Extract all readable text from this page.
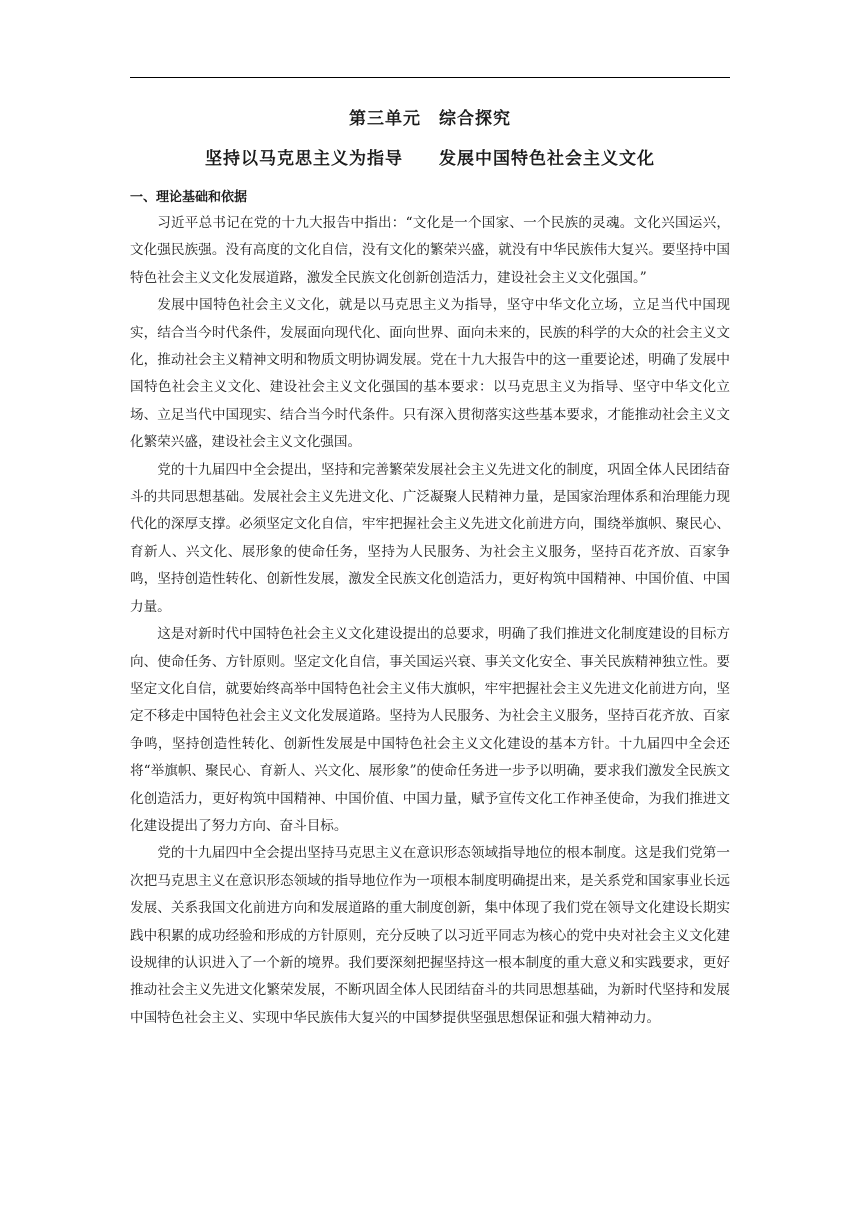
第三单元　综合探究
坚持以马克思主义为指导　　发展中国特色社会主义文化
一、理论基础和依据

习近平总书记在党的十九大报告中指出：“文化是一个国家、一个民族的灵魂。文化兴国运兴，文化强民族强。没有高度的文化自信，没有文化的繁荣兴盛，就没有中华民族伟大复兴。要坚持中国特色社会主义文化发展道路，激发全民族文化创新创造活力，建设社会主义文化强国。”

发展中国特色社会主义文化，就是以马克思主义为指导，坚守中华文化立场，立足当代中国现实，结合当今时代条件，发展面向现代化、面向世界、面向未来的，民族的科学的大众的社会主义文化，推动社会主义精神文明和物质文明协调发展。党在十九大报告中的这一重要论述，明确了发展中国特色社会主义文化、建设社会主义文化强国的基本要求：以马克思主义为指导、坚守中华文化立场、立足当代中国现实、结合当今时代条件。只有深入贯彻落实这些基本要求，才能推动社会主义文化繁荣兴盛，建设社会主义文化强国。

党的十九届四中全会提出，坚持和完善繁荣发展社会主义先进文化的制度，巩固全体人民团结奋斗的共同思想基础。发展社会主义先进文化、广泛凝聚人民精神力量，是国家治理体系和治理能力现代化的深厚支撑。必须坚定文化自信，牢牢把握社会主义先进文化前进方向，围绕举旗帜、聚民心、育新人、兴文化、展形象的使命任务，坚持为人民服务、为社会主义服务，坚持百花齐放、百家争鸣，坚持创造性转化、创新性发展，激发全民族文化创造活力，更好构筑中国精神、中国价值、中国力量。

这是对新时代中国特色社会主义文化建设提出的总要求，明确了我们推进文化制度建设的目标方向、使命任务、方针原则。坚定文化自信，事关国运兴衰、事关文化安全、事关民族精神独立性。要坚定文化自信，就要始终高举中国特色社会主义伟大旗帜，牢牢把握社会主义先进文化前进方向，坚定不移走中国特色社会主义文化发展道路。坚持为人民服务、为社会主义服务，坚持百花齐放、百家争鸣，坚持创造性转化、创新性发展是中国特色社会主义文化建设的基本方针。十九届四中全会还将“举旗帜、聚民心、育新人、兴文化、展形象”的使命任务进一步予以明确，要求我们激发全民族文化创造活力，更好构筑中国精神、中国价值、中国力量，赋予宣传文化工作神圣使命，为我们推进文化建设提出了努力方向、奋斗目标。

党的十九届四中全会提出坚持马克思主义在意识形态领域指导地位的根本制度。这是我们党第一次把马克思主义在意识形态领域的指导地位作为一项根本制度明确提出来，是关系党和国家事业长远发展、关系我国文化前进方向和发展道路的重大制度创新，集中体现了我们党在领导文化建设长期实践中积累的成功经验和形成的方针原则，充分反映了以习近平同志为核心的党中央对社会主义文化建设规律的认识进入了一个新的境界。我们要深刻把握坚持这一根本制度的重大意义和实践要求，更好推动社会主义先进文化繁荣发展，不断巩固全体人民团结奋斗的共同思想基础，为新时代坚持和发展中国特色社会主义、实现中华民族伟大复兴的中国梦提供坚强思想保证和强大精神动力。
